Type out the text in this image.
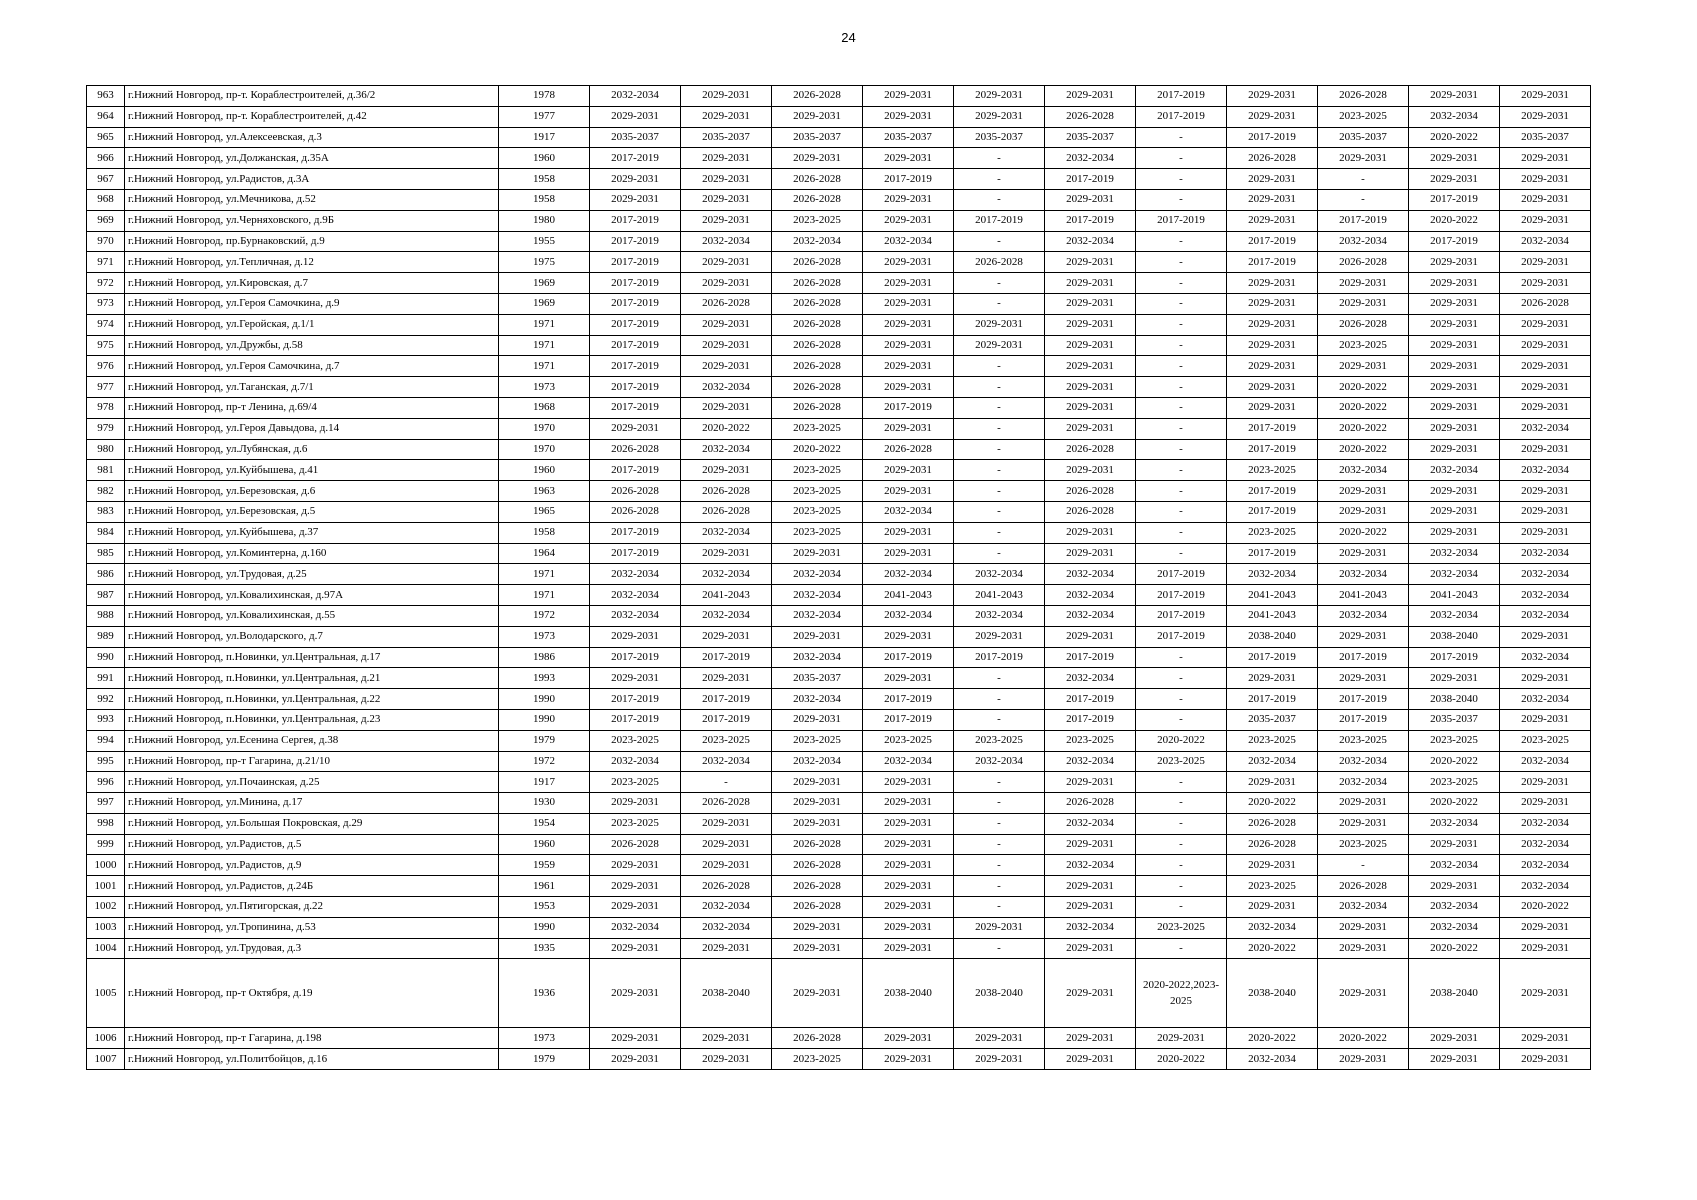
24
963	г.Нижний Новгород, пр-т. Кораблестроителей, д.36/2	1978	2032-2034	2029-2031	2026-2028	2029-2031	2029-2031	2029-2031	2017-2019	2029-2031	2026-2028	2029-2031	2029-2031
964	г.Нижний Новгород, пр-т. Кораблестроителей, д.42	1977	2029-2031	2029-2031	2029-2031	2029-2031	2029-2031	2026-2028	2017-2019	2029-2031	2023-2025	2032-2034	2029-2031
965	г.Нижний Новгород, ул.Алексеевская, д.3	1917	2035-2037	2035-2037	2035-2037	2035-2037	2035-2037	2035-2037	-	2017-2019	2035-2037	2020-2022	2035-2037
966	г.Нижний Новгород, ул.Должанская, д.35А	1960	2017-2019	2029-2031	2029-2031	2029-2031	-	2032-2034	-	2026-2028	2029-2031	2029-2031	2029-2031
967	г.Нижний Новгород, ул.Радистов, д.3А	1958	2029-2031	2029-2031	2026-2028	2017-2019	-	2017-2019	-	2029-2031	-	2029-2031	2029-2031
968	г.Нижний Новгород, ул.Мечникова, д.52	1958	2029-2031	2029-2031	2026-2028	2029-2031	-	2029-2031	-	2029-2031	-	2017-2019	2029-2031
969	г.Нижний Новгород, ул.Черняховского, д.9Б	1980	2017-2019	2029-2031	2023-2025	2029-2031	2017-2019	2017-2019	2017-2019	2029-2031	2017-2019	2020-2022	2029-2031
970	г.Нижний Новгород, пр.Бурнаковский, д.9	1955	2017-2019	2032-2034	2032-2034	2032-2034	-	2032-2034	-	2017-2019	2032-2034	2017-2019	2032-2034
971	г.Нижний Новгород, ул.Тепличная, д.12	1975	2017-2019	2029-2031	2026-2028	2029-2031	2026-2028	2029-2031	-	2017-2019	2026-2028	2029-2031	2029-2031
972	г.Нижний Новгород, ул.Кировская, д.7	1969	2017-2019	2029-2031	2026-2028	2029-2031	-	2029-2031	-	2029-2031	2029-2031	2029-2031	2029-2031
973	г.Нижний Новгород, ул.Героя Самочкина, д.9	1969	2017-2019	2026-2028	2026-2028	2029-2031	-	2029-2031	-	2029-2031	2029-2031	2029-2031	2026-2028
974	г.Нижний Новгород, ул.Геройская, д.1/1	1971	2017-2019	2029-2031	2026-2028	2029-2031	2029-2031	2029-2031	-	2029-2031	2026-2028	2029-2031	2029-2031
975	г.Нижний Новгород, ул.Дружбы, д.58	1971	2017-2019	2029-2031	2026-2028	2029-2031	2029-2031	2029-2031	-	2029-2031	2023-2025	2029-2031	2029-2031
976	г.Нижний Новгород, ул.Героя Самочкина, д.7	1971	2017-2019	2029-2031	2026-2028	2029-2031	-	2029-2031	-	2029-2031	2029-2031	2029-2031	2029-2031
977	г.Нижний Новгород, ул.Таганская, д.7/1	1973	2017-2019	2032-2034	2026-2028	2029-2031	-	2029-2031	-	2029-2031	2020-2022	2029-2031	2029-2031
978	г.Нижний Новгород, пр-т Ленина, д.69/4	1968	2017-2019	2029-2031	2026-2028	2017-2019	-	2029-2031	-	2029-2031	2020-2022	2029-2031	2029-2031
979	г.Нижний Новгород, ул.Героя Давыдова, д.14	1970	2029-2031	2020-2022	2023-2025	2029-2031	-	2029-2031	-	2017-2019	2020-2022	2029-2031	2032-2034
980	г.Нижний Новгород, ул.Лубянская, д.6	1970	2026-2028	2032-2034	2020-2022	2026-2028	-	2026-2028	-	2017-2019	2020-2022	2029-2031	2029-2031
981	г.Нижний Новгород, ул.Куйбышева, д.41	1960	2017-2019	2029-2031	2023-2025	2029-2031	-	2029-2031	-	2023-2025	2032-2034	2032-2034	2032-2034
982	г.Нижний Новгород, ул.Березовская, д.6	1963	2026-2028	2026-2028	2023-2025	2029-2031	-	2026-2028	-	2017-2019	2029-2031	2029-2031	2029-2031
983	г.Нижний Новгород, ул.Березовская, д.5	1965	2026-2028	2026-2028	2023-2025	2032-2034	-	2026-2028	-	2017-2019	2029-2031	2029-2031	2029-2031
984	г.Нижний Новгород, ул.Куйбышева, д.37	1958	2017-2019	2032-2034	2023-2025	2029-2031	-	2029-2031	-	2023-2025	2020-2022	2029-2031	2029-2031
985	г.Нижний Новгород, ул.Коминтерна, д.160	1964	2017-2019	2029-2031	2029-2031	2029-2031	-	2029-2031	-	2017-2019	2029-2031	2032-2034	2032-2034
986	г.Нижний Новгород, ул.Трудовая, д.25	1971	2032-2034	2032-2034	2032-2034	2032-2034	2032-2034	2032-2034	2017-2019	2032-2034	2032-2034	2032-2034	2032-2034
987	г.Нижний Новгород, ул.Ковалихинская, д.97А	1971	2032-2034	2041-2043	2032-2034	2041-2043	2041-2043	2032-2034	2017-2019	2041-2043	2041-2043	2041-2043	2032-2034
988	г.Нижний Новгород, ул.Ковалихинская, д.55	1972	2032-2034	2032-2034	2032-2034	2032-2034	2032-2034	2032-2034	2017-2019	2041-2043	2032-2034	2032-2034	2032-2034
989	г.Нижний Новгород, ул.Володарского, д.7	1973	2029-2031	2029-2031	2029-2031	2029-2031	2029-2031	2029-2031	2017-2019	2038-2040	2029-2031	2038-2040	2029-2031
990	г.Нижний Новгород, п.Новинки, ул.Центральная, д.17	1986	2017-2019	2017-2019	2032-2034	2017-2019	2017-2019	2017-2019	-	2017-2019	2017-2019	2017-2019	2032-2034
991	г.Нижний Новгород, п.Новинки, ул.Центральная, д.21	1993	2029-2031	2029-2031	2035-2037	2029-2031	-	2032-2034	-	2029-2031	2029-2031	2029-2031	2029-2031
992	г.Нижний Новгород, п.Новинки, ул.Центральная, д.22	1990	2017-2019	2017-2019	2032-2034	2017-2019	-	2017-2019	-	2017-2019	2017-2019	2038-2040	2032-2034
993	г.Нижний Новгород, п.Новинки, ул.Центральная, д.23	1990	2017-2019	2017-2019	2029-2031	2017-2019	-	2017-2019	-	2035-2037	2017-2019	2035-2037	2029-2031
994	г.Нижний Новгород, ул.Есенина Сергея, д.38	1979	2023-2025	2023-2025	2023-2025	2023-2025	2023-2025	2023-2025	2020-2022	2023-2025	2023-2025	2023-2025	2023-2025
995	г.Нижний Новгород, пр-т Гагарина, д.21/10	1972	2032-2034	2032-2034	2032-2034	2032-2034	2032-2034	2032-2034	2023-2025	2032-2034	2032-2034	2020-2022	2032-2034
996	г.Нижний Новгород, ул.Почаинская, д.25	1917	2023-2025	-	2029-2031	2029-2031	-	2029-2031	-	2029-2031	2032-2034	2023-2025	2029-2031
997	г.Нижний Новгород, ул.Минина, д.17	1930	2029-2031	2026-2028	2029-2031	2029-2031	-	2026-2028	-	2020-2022	2029-2031	2020-2022	2029-2031
998	г.Нижний Новгород, ул.Большая Покровская, д.29	1954	2023-2025	2029-2031	2029-2031	2029-2031	-	2032-2034	-	2026-2028	2029-2031	2032-2034	2032-2034
999	г.Нижний Новгород, ул.Радистов, д.5	1960	2026-2028	2029-2031	2026-2028	2029-2031	-	2029-2031	-	2026-2028	2023-2025	2029-2031	2032-2034
1000	г.Нижний Новгород, ул.Радистов, д.9	1959	2029-2031	2029-2031	2026-2028	2029-2031	-	2032-2034	-	2029-2031	-	2032-2034	2032-2034
1001	г.Нижний Новгород, ул.Радистов, д.24Б	1961	2029-2031	2026-2028	2026-2028	2029-2031	-	2029-2031	-	2023-2025	2026-2028	2029-2031	2032-2034
1002	г.Нижний Новгород, ул.Пятигорская, д.22	1953	2029-2031	2032-2034	2026-2028	2029-2031	-	2029-2031	-	2029-2031	2032-2034	2032-2034	2020-2022
1003	г.Нижний Новгород, ул.Тропинина, д.53	1990	2032-2034	2032-2034	2029-2031	2029-2031	2029-2031	2032-2034	2023-2025	2032-2034	2029-2031	2032-2034	2029-2031
1004	г.Нижний Новгород, ул.Трудовая, д.3	1935	2029-2031	2029-2031	2029-2031	2029-2031	-	2029-2031	-	2020-2022	2029-2031	2020-2022	2029-2031
1005	г.Нижний Новгород, пр-т Октября, д.19	1936	2029-2031	2038-2040	2029-2031	2038-2040	2038-2040	2029-2031	2020-2022,2023-2025	2038-2040	2029-2031	2038-2040	2029-2031
1006	г.Нижний Новгород, пр-т Гагарина, д.198	1973	2029-2031	2029-2031	2026-2028	2029-2031	2029-2031	2029-2031	2029-2031	2020-2022	2020-2022	2029-2031	2029-2031
1007	г.Нижний Новгород, ул.Политбойцов, д.16	1979	2029-2031	2029-2031	2023-2025	2029-2031	2029-2031	2029-2031	2020-2022	2032-2034	2029-2031	2029-2031	2029-2031
